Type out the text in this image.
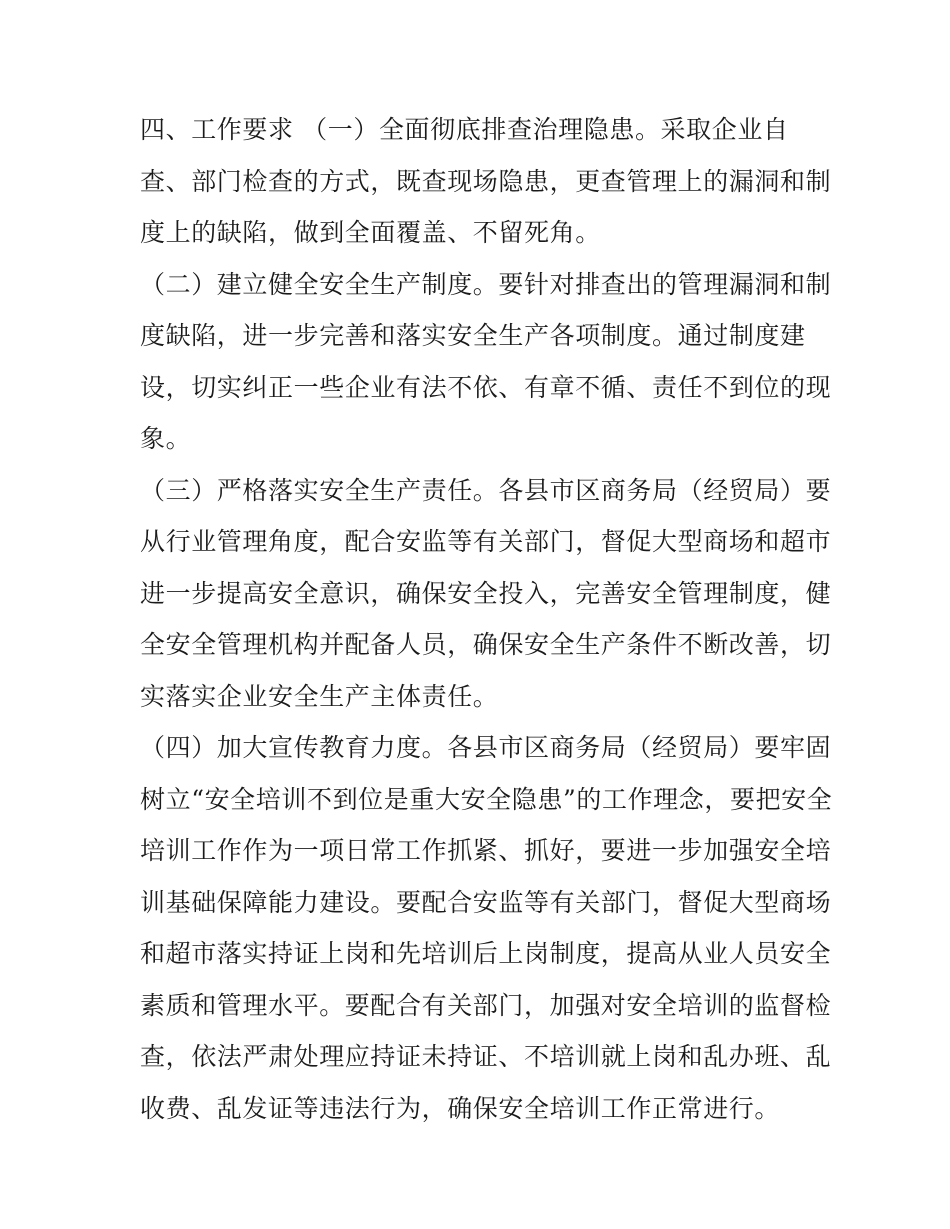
四、工作要求 （一）全面彻底排查治理隐患。采取企业自
查、部门检查的方式，既查现场隐患，更查管理上的漏洞和制
度上的缺陷，做到全面覆盖、不留死角。
（二）建立健全安全生产制度。要针对排查出的管理漏洞和制
度缺陷，进一步完善和落实安全生产各项制度。通过制度建
设，切实纠正一些企业有法不依、有章不循、责任不到位的现
象。
（三）严格落实安全生产责任。各县市区商务局（经贸局）要
从行业管理角度，配合安监等有关部门，督促大型商场和超市
进一步提高安全意识，确保安全投入，完善安全管理制度，健
全安全管理机构并配备人员，确保安全生产条件不断改善，切
实落实企业安全生产主体责任。
（四）加大宣传教育力度。各县市区商务局（经贸局）要牢固
树立“安全培训不到位是重大安全隐患”的工作理念，要把安全
培训工作作为一项日常工作抓紧、抓好，要进一步加强安全培
训基础保障能力建设。要配合安监等有关部门，督促大型商场
和超市落实持证上岗和先培训后上岗制度，提高从业人员安全
素质和管理水平。要配合有关部门，加强对安全培训的监督检
查，依法严肃处理应持证未持证、不培训就上岗和乱办班、乱
收费、乱发证等违法行为，确保安全培训工作正常进行。
